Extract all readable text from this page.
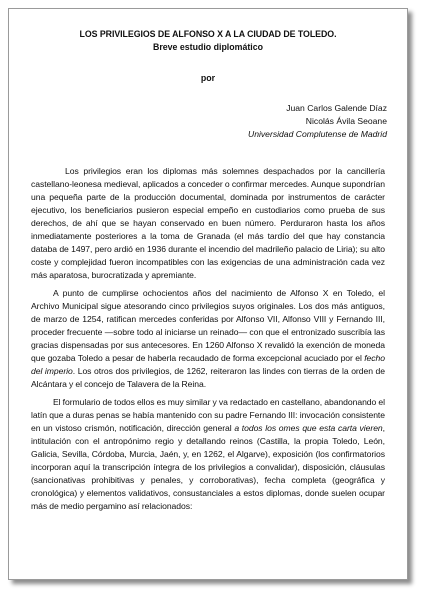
LOS PRIVILEGIOS DE ALFONSO X A LA CIUDAD DE TOLEDO.
Breve estudio diplomático
por
Juan Carlos Galende Díaz
Nicolás Ávila Seoane
Universidad Complutense de Madrid

Los privilegios eran los diplomas más solemnes despachados por la cancillería castellano-leonesa medieval, aplicados a conceder o confirmar mercedes. Aunque supondrían una pequeña parte de la producción documental, dominada por instrumentos de carácter ejecutivo, los beneficiarios pusieron especial empeño en custodiarios como prueba de sus derechos, de ahí que se hayan conservado en buen número. Perduraron hasta los años inmediatamente posteriores a la toma de Granada (el más tardío del que hay constancia databa de 1497, pero ardió en 1936 durante el incendio del madrileño palacio de Liria); su alto coste y complejidad fueron incompatibles con las exigencias de una administración cada vez más aparatosa, burocratizada y apremiante.

A punto de cumplirse ochocientos años del nacimiento de Alfonso X en Toledo, el Archivo Municipal sigue atesorando cinco privilegios suyos originales. Los dos más antiguos, de marzo de 1254, ratifican mercedes conferidas por Alfonso VII, Alfonso VIII y Fernando III, proceder frecuente —sobre todo al iniciarse un reinado— con que el entronizado suscribía las gracias dispensadas por sus antecesores. En 1260 Alfonso X revalidó la exención de moneda que gozaba Toledo a pesar de haberla recaudado de forma excepcional acuciado por el fecho del imperio. Los otros dos privilegios, de 1262, reiteraron las lindes con tierras de la orden de Alcántara y el concejo de Talavera de la Reina.

El formulario de todos ellos es muy similar y va redactado en castellano, abandonando el latín que a duras penas se había mantenido con su padre Fernando III: invocación consistente en un vistoso crismón, notificación, dirección general a todos los omes que esta carta vieren, intitulación con el antropónimo regio y detallando reinos (Castilla, la propia Toledo, León, Galicia, Sevilla, Córdoba, Murcia, Jaén, y, en 1262, el Algarve), exposición (los confirmatorios incorporan aquí la transcripción íntegra de los privilegios a convalidar), disposición, cláusulas (sancionativas prohibitivas y penales, y corroborativas), fecha completa (geográfica y cronológica) y elementos validativos, consustanciales a estos diplomas, donde suelen ocupar más de medio pergamino así relacionados:
